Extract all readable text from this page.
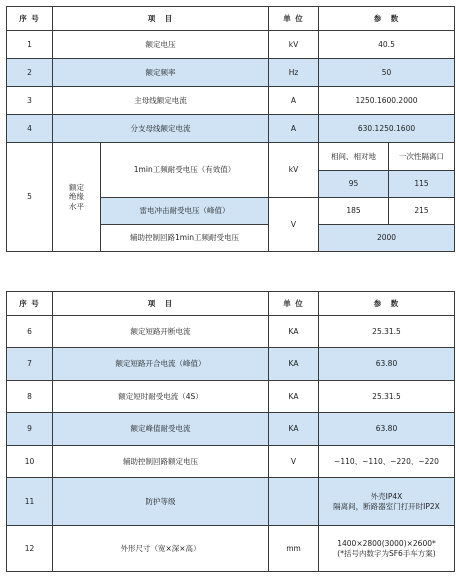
序 号	项　目		单 位	参　数	
1	额定电压		kV	40.5	
2	额定频率		Hz	50	
3	主母线额定电流		A	1250.1600.2000	
4	分支母线额定电流		A	630.1250.1600	
5	额定
绝缘
水平	1min工频耐受电压（有效值）	kV	相间、相对地	一次性隔离口
				95	115
		雷电冲击耐受电压（峰值）	V	185	215
		辅助控制回路1min工频耐受电压		2000	
序 号	项　目	单 位	参　数
6	额定短路开断电流	KA	25.31.5
7	额定短路开合电流（峰值）	KA	63.80
8	额定短时耐受电流（4S）	KA	25.31.5
9	额定峰值耐受电流	KA	63.80
10	辅助控制回路额定电压	V	~110、~110、~220、~220
11	防护等级		外壳IP4X
隔离间，断路器室门打开时IP2X

12	外形尺寸（宽×深×高）	mm	1400×2800(3000)×2600*
(*括号内数字为SF6手车方案)
